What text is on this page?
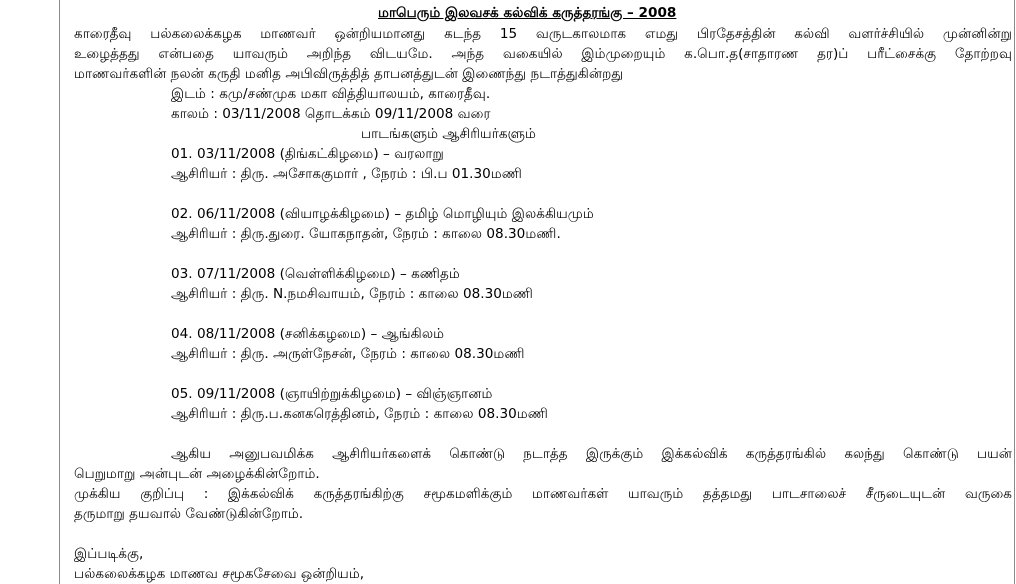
மாபெரும் இலவசக் கல்விக் கருத்தரங்கு – 2008
காரைதீவு பல்கலைக்கழக மாணவர் ஒன்றியமானது கடந்த 15 வருடகாலமாக எமது பிரதேசத்தின் கல்வி வளர்ச்சியில் முன்னின்று
உழைத்தது என்பதை யாவரும் அறிந்த விடயமே. அந்த வகையில் இம்முறையும் க.பொ.த(சாதாரண தர)ப் பரீட்சைக்கு தோற்றவு
மாணவர்களின் நலன் கருதி மனித அபிவிருத்தித் தாபனத்துடன் இணைந்து நடாத்துகின்றது
இடம் : கமு/சண்முக மகா வித்தியாலயம், காரைதீவு.
காலம் : 03/11/2008 தொடக்கம் 09/11/2008 வரை
பாடங்களும் ஆசிரியர்களும்
01. 03/11/2008 (திங்கட்கிழமை) – வரலாறு
ஆசிரியர் : திரு. அசோககுமார் , நேரம் : பி.ப 01.30மணி
02. 06/11/2008 (வியாழக்கிழமை) – தமிழ் மொழியும் இலக்கியமும்
ஆசிரியர் : திரு.துரை. யோகநாதன், நேரம் : காலை 08.30மணி.
03. 07/11/2008 (வெள்ளிக்கிழமை) – கணிதம்
ஆசிரியர் : திரு. N.நமசிவாயம், நேரம் : காலை 08.30மணி
04. 08/11/2008 (சனிக்கழமை) – ஆங்கிலம்
ஆசிரியர் : திரு. அருள்நேசன், நேரம் : காலை 08.30மணி
05. 09/11/2008 (ஞாயிற்றுக்கிழமை) – விஞ்ஞானம்
ஆசிரியர் : திரு.ப.கனகரெத்தினம், நேரம் : காலை 08.30மணி
ஆகிய அனுபவமிக்க ஆசிரியர்களைக் கொண்டு நடாத்த இருக்கும் இக்கல்விக் கருத்தரங்கில் கலந்து கொண்டு பயன்
பெறுமாறு அன்புடன் அழைக்கின்றோம்.
முக்கிய குறிப்பு : இக்கல்விக் கருத்தரங்கிற்கு சமூகமளிக்கும் மாணவர்கள் யாவரும் தத்தமது பாடசாலைச் சீருடையுடன் வருகை
தருமாறு தயவால் வேண்டுகின்றோம்.
இப்படிக்கு,
பல்கலைக்கழக மாணவ சமூகசேவை ஒன்றியம்,
